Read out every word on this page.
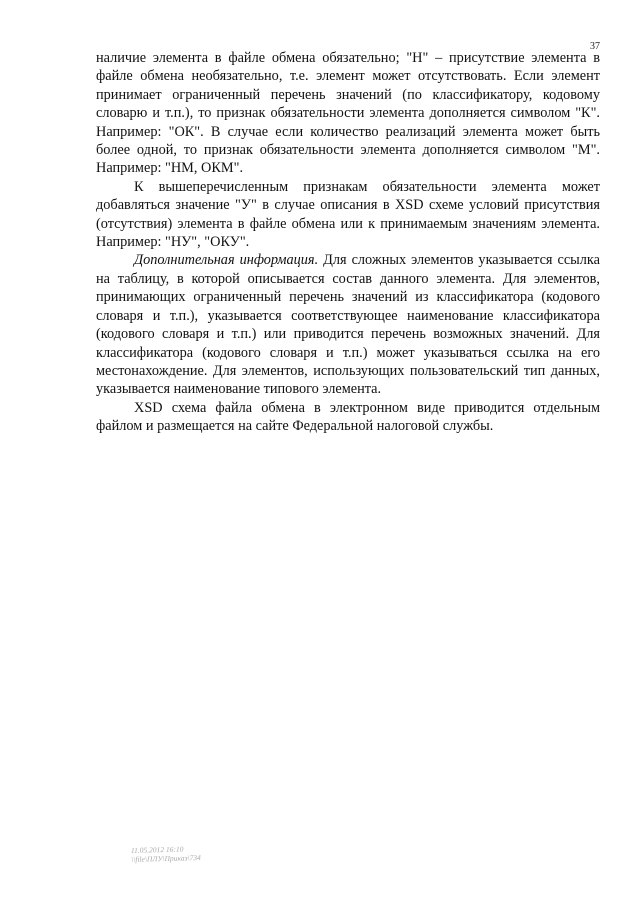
37

наличие элемента в файле обмена обязательно; "Н" – присутствие элемента в файле обмена необязательно, т.е. элемент может отсутствовать. Если элемент принимает ограниченный перечень значений (по классификатору, кодовому словарю и т.п.), то признак обязательности элемента дополняется символом "К". Например: "ОК". В случае если количество реализаций элемента может быть более одной, то признак обязательности элемента дополняется символом "М". Например: "НМ, ОКМ".

К вышеперечисленным признакам обязательности элемента может добавляться значение "У" в случае описания в XSD схеме условий присутствия (отсутствия) элемента в файле обмена или к принимаемым значениям элемента. Например: "НУ", "ОКУ".

Дополнительная информация. Для сложных элементов указывается ссылка на таблицу, в которой описывается состав данного элемента. Для элементов, принимающих ограниченный перечень значений из классификатора (кодового словаря и т.п.), указывается соответствующее наименование классификатора (кодового словаря и т.п.) или приводится перечень возможных значений. Для классификатора (кодового словаря и т.п.) может указываться ссылка на его местонахождение. Для элементов, использующих пользовательский тип данных, указывается наименование типового элемента.

XSD схема файла обмена в электронном виде приводится отдельным файлом и размещается на сайте Федеральной налоговой службы.

11.05.2012 16:10
\\file\ПЛУ\Приказ\734
